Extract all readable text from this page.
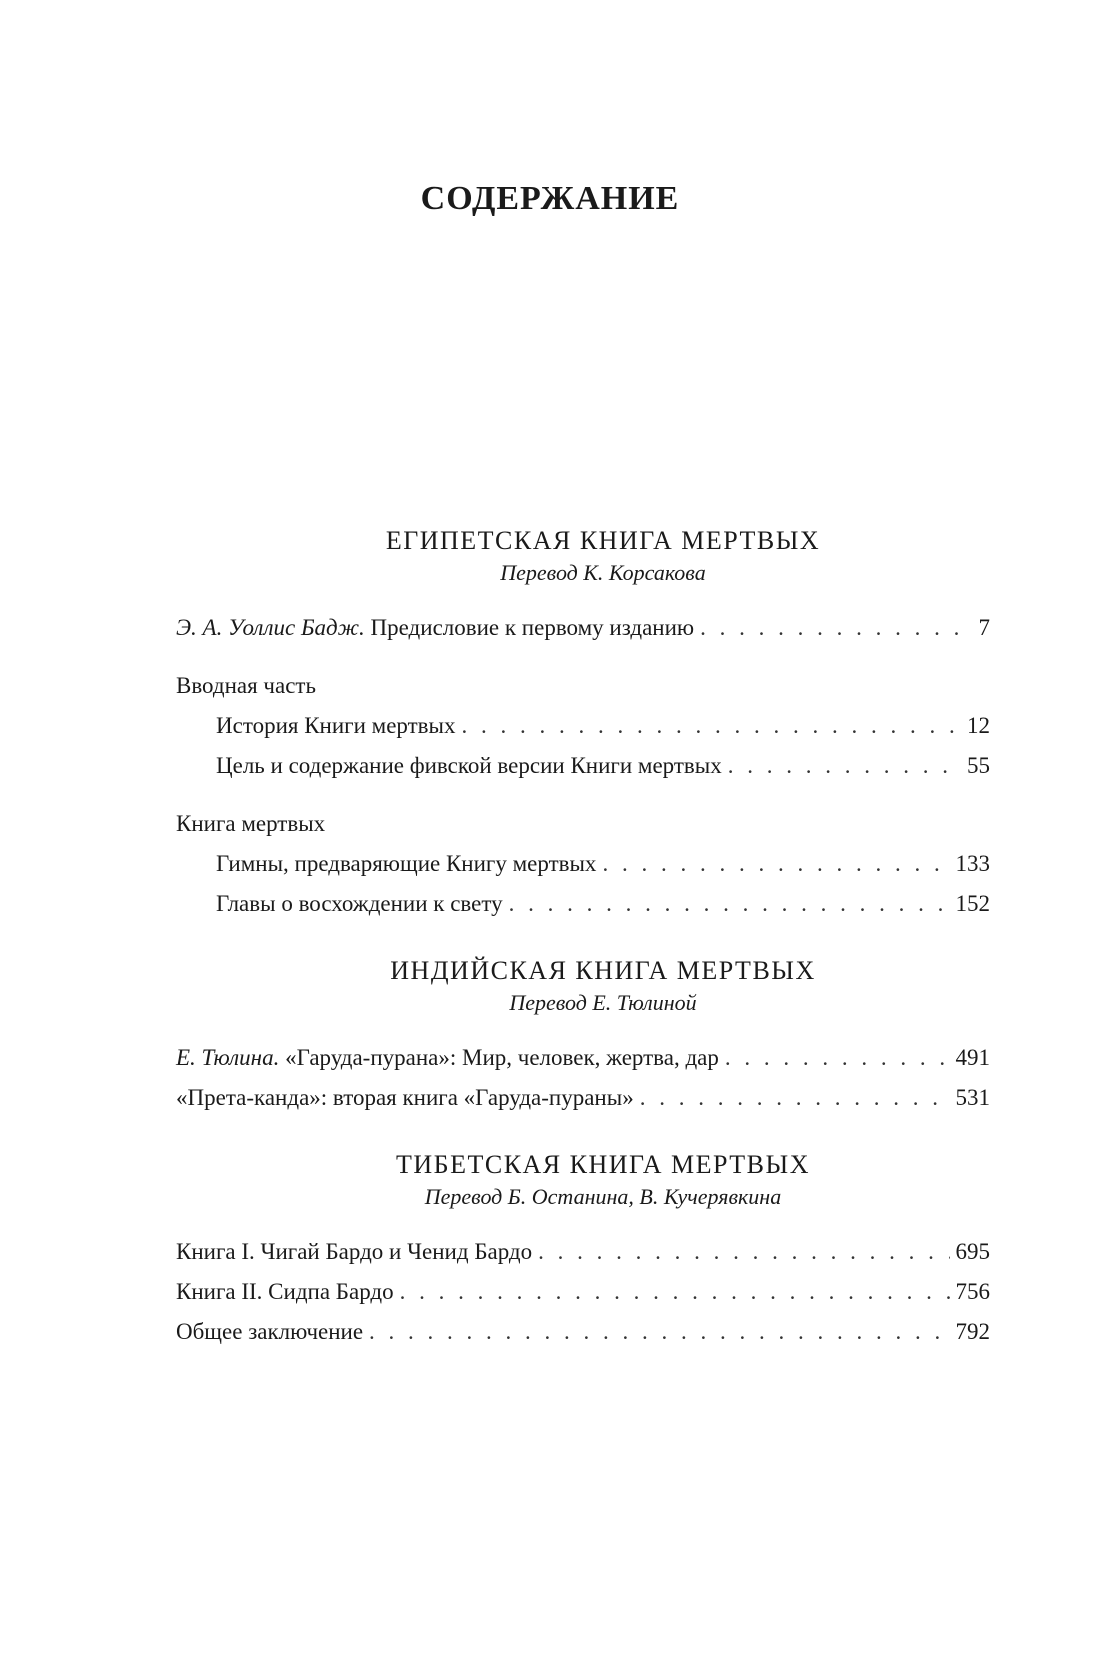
СОДЕРЖАНИЕ
ЕГИПЕТСКАЯ КНИГА МЕРТВЫХ
Перевод К. Корсакова
Э. А. Уоллис Бадж. Предисловие к первому изданию . . .	7
Вводная часть
История Книги мертвых . . .	12
Цель и содержание фивской версии Книги мертвых . . .	55
Книга мертвых
Гимны, предваряющие Книгу мертвых . . .	133
Главы о восхождении к свету . . .	152
ИНДИЙСКАЯ КНИГА МЕРТВЫХ
Перевод Е. Тюлиной
Е. Тюлина. «Гаруда-пурана»: Мир, человек, жертва, дар . . .	491
«Прета-канда»: вторая книга «Гаруда-пураны» . . .	531
ТИБЕТСКАЯ КНИГА МЕРТВЫХ
Перевод Б. Останина, В. Кучерявкина
Книга I. Чигай Бардо и Ченид Бардо . . .	695
Книга II. Сидпа Бардо . . .	756
Общее заключение . . .	792
